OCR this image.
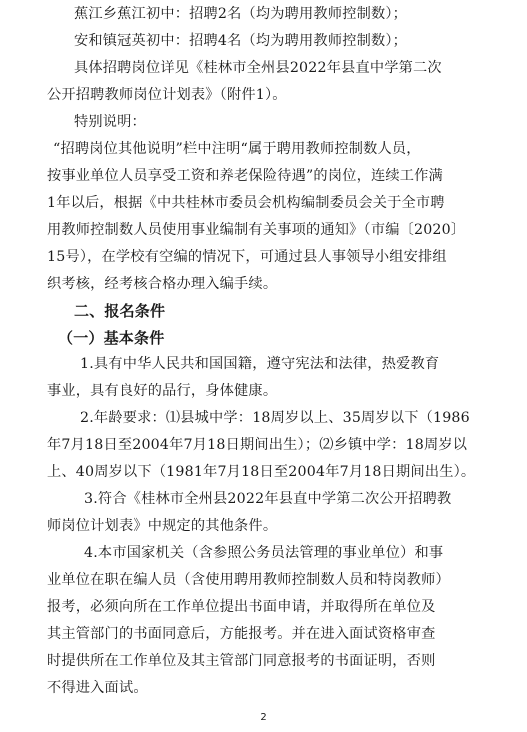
蕉江乡蕉江初中：招聘2名（均为聘用教师控制数）；
安和镇冠英初中：招聘4名（均为聘用教师控制数）；
具体招聘岗位详见《桂林市全州县2022年县直中学第二次
公开招聘教师岗位计划表》（附件1）。
特别说明：
“招聘岗位其他说明”栏中注明“属于聘用教师控制数人员，
按事业单位人员享受工资和养老保险待遇”的岗位，连续工作满
1年以后，根据《中共桂林市委员会机构编制委员会关于全市聘
用教师控制数人员使用事业编制有关事项的通知》（市编〔2020〕
15号），在学校有空编的情况下，可通过县人事领导小组安排组
织考核，经考核合格办理入编手续。
二、报名条件
（一）基本条件
1.具有中华人民共和国国籍，遵守宪法和法律，热爱教育
事业，具有良好的品行，身体健康。
2.年龄要求：⑴县城中学：18周岁以上、35周岁以下（1986
年7月18日至2004年7月18日期间出生）；⑵乡镇中学：18周岁以
上、40周岁以下（1981年7月18日至2004年7月18日期间出生）。
3.符合《桂林市全州县2022年县直中学第二次公开招聘教
师岗位计划表》中规定的其他条件。
4.本市国家机关（含参照公务员法管理的事业单位）和事
业单位在职在编人员（含使用聘用教师控制数人员和特岗教师）
报考，必须向所在工作单位提出书面申请，并取得所在单位及
其主管部门的书面同意后，方能报考。并在进入面试资格审查
时提供所在工作单位及其主管部门同意报考的书面证明，否则
不得进入面试。
2
